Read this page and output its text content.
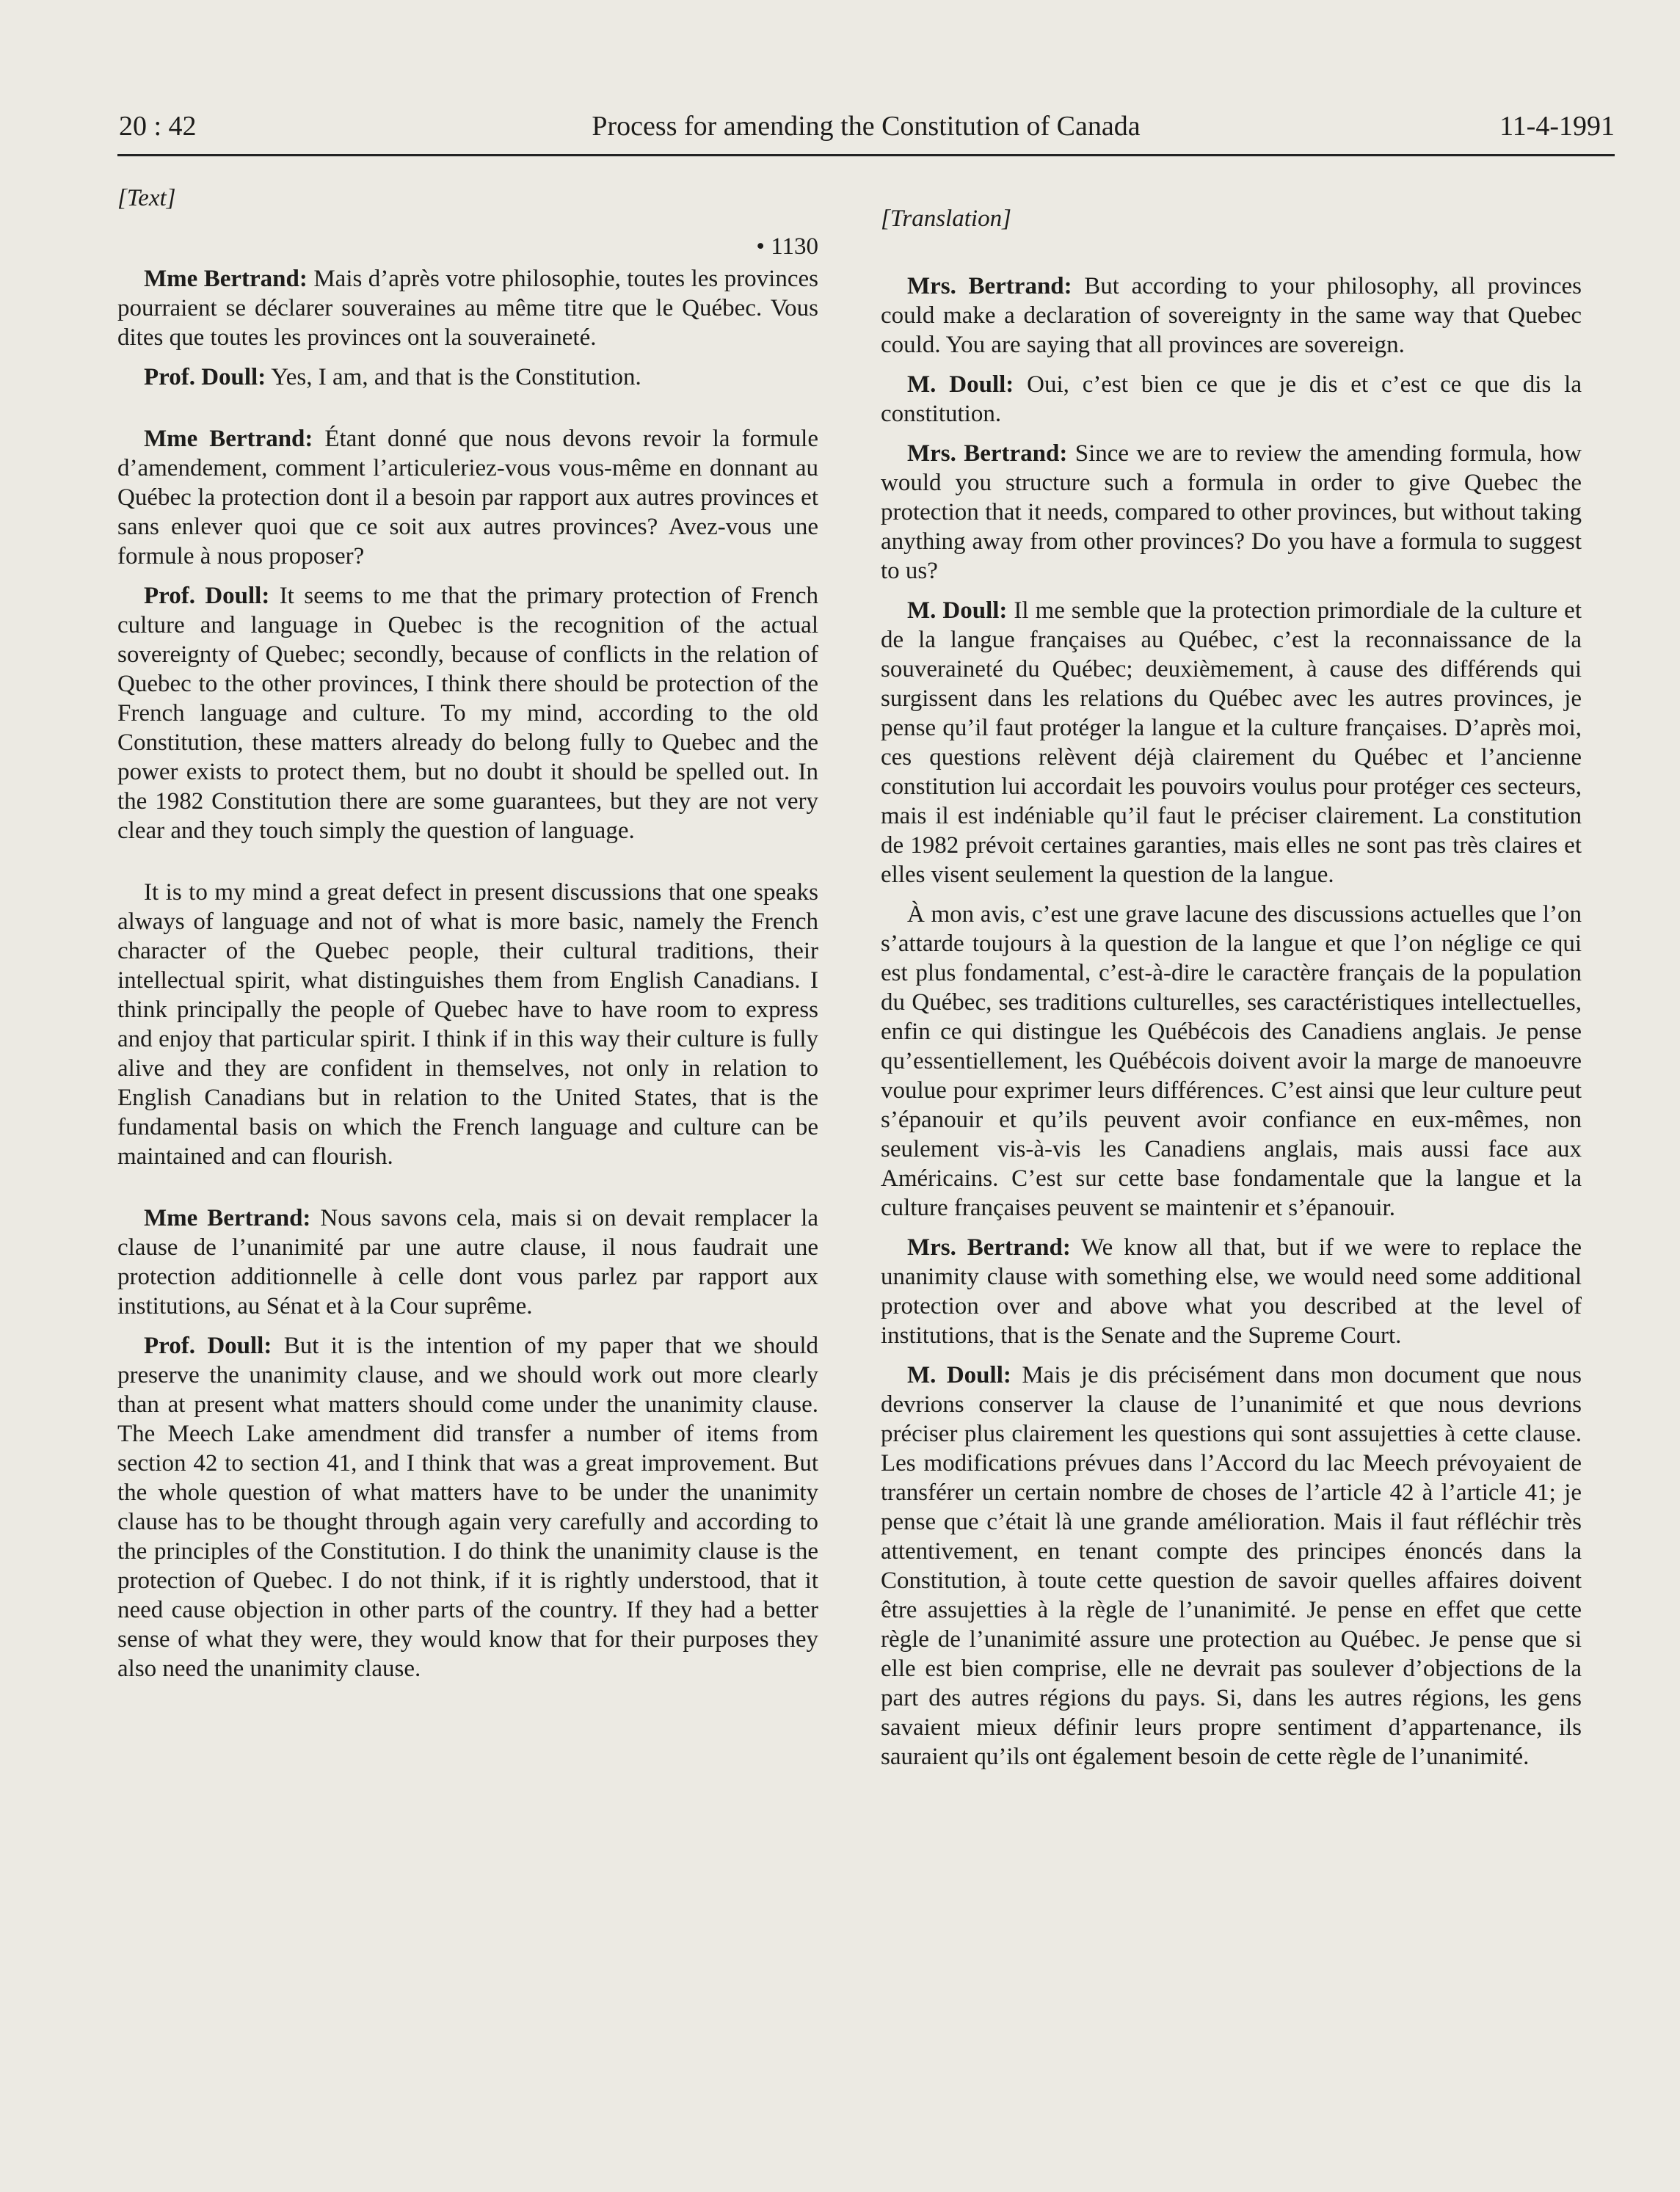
20 : 42	Process for amending the Constitution of Canada	11-4-1991

[Text]

• 1130

Mme Bertrand: Mais d’après votre philosophie, toutes les provinces pourraient se déclarer souveraines au même titre que le Québec. Vous dites que toutes les provinces ont la souveraineté.

Prof. Doull: Yes, I am, and that is the Constitution.

Mme Bertrand: Étant donné que nous devons revoir la formule d’amendement, comment l’articuleriez-vous vous-même en donnant au Québec la protection dont il a besoin par rapport aux autres provinces et sans enlever quoi que ce soit aux autres provinces? Avez-vous une formule à nous proposer?

Prof. Doull: It seems to me that the primary protection of French culture and language in Quebec is the recognition of the actual sovereignty of Quebec; secondly, because of conflicts in the relation of Quebec to the other provinces, I think there should be protection of the French language and culture. To my mind, according to the old Constitution, these matters already do belong fully to Quebec and the power exists to protect them, but no doubt it should be spelled out. In the 1982 Constitution there are some guarantees, but they are not very clear and they touch simply the question of language.

It is to my mind a great defect in present discussions that one speaks always of language and not of what is more basic, namely the French character of the Quebec people, their cultural traditions, their intellectual spirit, what distinguishes them from English Canadians. I think principally the people of Quebec have to have room to express and enjoy that particular spirit. I think if in this way their culture is fully alive and they are confident in themselves, not only in relation to English Canadians but in relation to the United States, that is the fundamental basis on which the French language and culture can be maintained and can flourish.

Mme Bertrand: Nous savons cela, mais si on devait remplacer la clause de l’unanimité par une autre clause, il nous faudrait une protection additionnelle à celle dont vous parlez par rapport aux institutions, au Sénat et à la Cour suprême.

Prof. Doull: But it is the intention of my paper that we should preserve the unanimity clause, and we should work out more clearly than at present what matters should come under the unanimity clause. The Meech Lake amendment did transfer a number of items from section 42 to section 41, and I think that was a great improvement. But the whole question of what matters have to be under the unanimity clause has to be thought through again very carefully and according to the principles of the Constitution. I do think the unanimity clause is the protection of Quebec. I do not think, if it is rightly understood, that it need cause objection in other parts of the country. If they had a better sense of what they were, they would know that for their purposes they also need the unanimity clause.

[Translation]

Mrs. Bertrand: But according to your philosophy, all provinces could make a declaration of sovereignty in the same way that Quebec could. You are saying that all provinces are sovereign.

M. Doull: Oui, c’est bien ce que je dis et c’est ce que dis la constitution.

Mrs. Bertrand: Since we are to review the amending formula, how would you structure such a formula in order to give Quebec the protection that it needs, compared to other provinces, but without taking anything away from other provinces? Do you have a formula to suggest to us?

M. Doull: Il me semble que la protection primordiale de la culture et de la langue françaises au Québec, c’est la reconnaissance de la souveraineté du Québec; deuxièmement, à cause des différends qui surgissent dans les relations du Québec avec les autres provinces, je pense qu’il faut protéger la langue et la culture françaises. D’après moi, ces questions relèvent déjà clairement du Québec et l’ancienne constitution lui accordait les pouvoirs voulus pour protéger ces secteurs, mais il est indéniable qu’il faut le préciser clairement. La constitution de 1982 prévoit certaines garanties, mais elles ne sont pas très claires et elles visent seulement la question de la langue.

À mon avis, c’est une grave lacune des discussions actuelles que l’on s’attarde toujours à la question de la langue et que l’on néglige ce qui est plus fondamental, c’est-à-dire le caractère français de la population du Québec, ses traditions culturelles, ses caractéristiques intellectuelles, enfin ce qui distingue les Québécois des Canadiens anglais. Je pense qu’essentiellement, les Québécois doivent avoir la marge de manoeuvre voulue pour exprimer leurs différences. C’est ainsi que leur culture peut s’épanouir et qu’ils peuvent avoir confiance en eux-mêmes, non seulement vis-à-vis les Canadiens anglais, mais aussi face aux Américains. C’est sur cette base fondamentale que la langue et la culture françaises peuvent se maintenir et s’épanouir.

Mrs. Bertrand: We know all that, but if we were to replace the unanimity clause with something else, we would need some additional protection over and above what you described at the level of institutions, that is the Senate and the Supreme Court.

M. Doull: Mais je dis précisément dans mon document que nous devrions conserver la clause de l’unanimité et que nous devrions préciser plus clairement les questions qui sont assujetties à cette clause. Les modifications prévues dans l’Accord du lac Meech prévoyaient de transférer un certain nombre de choses de l’article 42 à l’article 41; je pense que c’était là une grande amélioration. Mais il faut réfléchir très attentivement, en tenant compte des principes énoncés dans la Constitution, à toute cette question de savoir quelles affaires doivent être assujetties à la règle de l’unanimité. Je pense en effet que cette règle de l’unanimité assure une protection au Québec. Je pense que si elle est bien comprise, elle ne devrait pas soulever d’objections de la part des autres régions du pays. Si, dans les autres régions, les gens savaient mieux définir leurs propre sentiment d’appartenance, ils sauraient qu’ils ont également besoin de cette règle de l’unanimité.
